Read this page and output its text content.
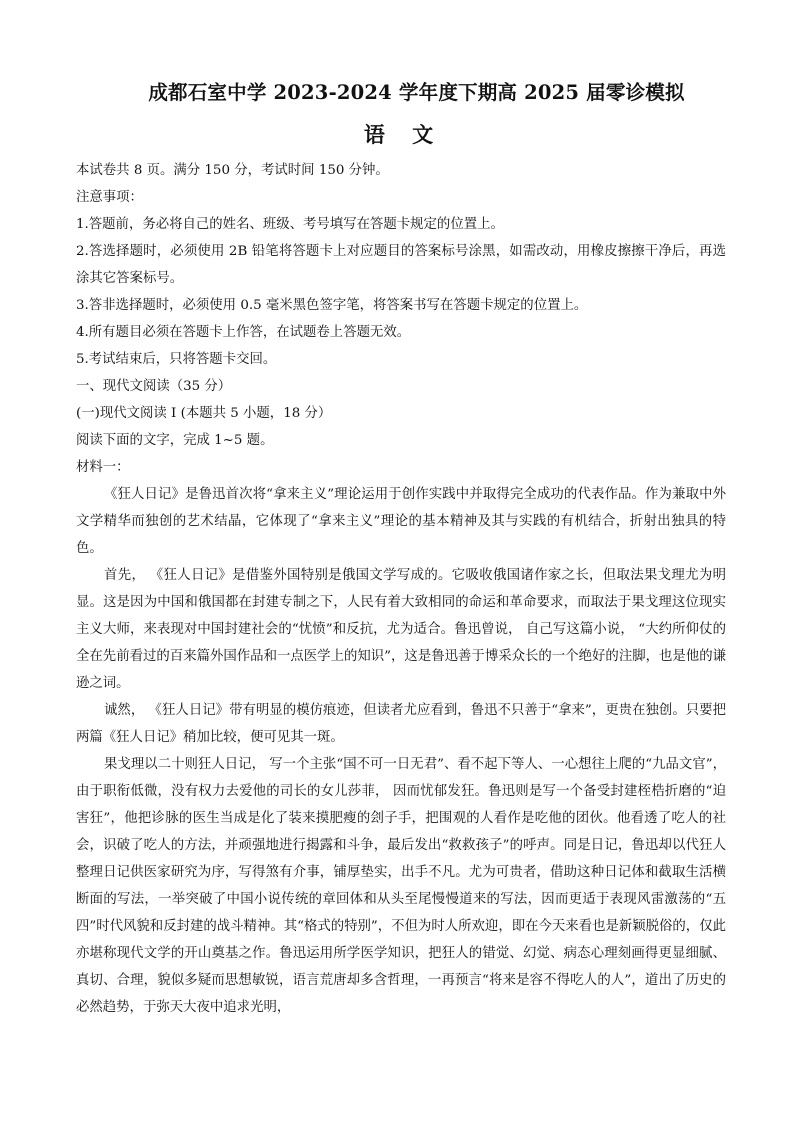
成都石室中学 2023-2024 学年度下期高 2025 届零诊模拟
语 文

本试卷共 8 页。满分 150 分，考试时间 150 分钟。

注意事项：

1.答题前，务必将自己的姓名、班级、考号填写在答题卡规定的位置上。

2.答选择题时，必须使用 2B 铅笔将答题卡上对应题目的答案标号涂黑，如需改动，用橡皮擦擦干净后，再选涂其它答案标号。

3.答非选择题时，必须使用 0.5 毫米黑色签字笔，将答案书写在答题卡规定的位置上。

4.所有题目必须在答题卡上作答，在试题卷上答题无效。

5.考试结束后，只将答题卡交回。

一、现代文阅读（35 分）

(一)现代文阅读 Ⅰ (本题共 5 小题，18 分）

阅读下面的文字，完成 1~5 题。

材料一：

《狂人日记》是鲁迅首次将“拿来主义”理论运用于创作实践中并取得完全成功的代表作品。作为兼取中外文学精华而独创的艺术结晶，它体现了“拿来主义”理论的基本精神及其与实践的有机结合，折射出独具的特色。

首先， 《狂人日记》是借鉴外国特别是俄国文学写成的。它吸收俄国诸作家之长，但取法果戈理尤为明显。这是因为中国和俄国都在封建专制之下，人民有着大致相同的命运和革命要求，而取法于果戈理这位现实主义大师，来表现对中国封建社会的“忧愤”和反抗，尤为适合。鲁迅曾说， 自己写这篇小说， “大约所仰仗的全在先前看过的百来篇外国作品和一点医学上的知识”，这是鲁迅善于博采众长的一个绝好的注脚，也是他的谦逊之词。

诚然， 《狂人日记》带有明显的模仿痕迹，但读者尤应看到，鲁迅不只善于“拿来”，更贵在独创。只要把两篇《狂人日记》稍加比较，便可见其一斑。

果戈理以二十则狂人日记， 写一个主张“国不可一日无君”、看不起下等人、一心想往上爬的“九品文官”，由于职衔低微，没有权力去爱他的司长的女儿莎菲， 因而忧郁发狂。鲁迅则是写一个备受封建桎梏折磨的“迫害狂”，他把诊脉的医生当成是化了装来摸肥瘦的刽子手，把围观的人看作是吃他的团伙。他看透了吃人的社会，识破了吃人的方法，并顽强地进行揭露和斗争，最后发出“救救孩子”的呼声。同是日记，鲁迅却以代狂人整理日记供医家研究为序，写得煞有介事，铺厚垫实，出手不凡。尤为可贵者，借助这种日记体和截取生活横断面的写法，一举突破了中国小说传统的章回体和从头至尾慢慢道来的写法，因而更适于表现风雷激荡的“五四”时代风貌和反封建的战斗精神。其“格式的特别”，不但为时人所欢迎，即在今天来看也是新颖脱俗的，仅此亦堪称现代文学的开山奠基之作。鲁迅运用所学医学知识，把狂人的错觉、幻觉、病态心理刻画得更显细腻、真切、合理，貌似多疑而思想敏锐，语言荒唐却多含哲理，一再预言“将来是容不得吃人的人”，道出了历史的必然趋势，于弥天大夜中追求光明，
